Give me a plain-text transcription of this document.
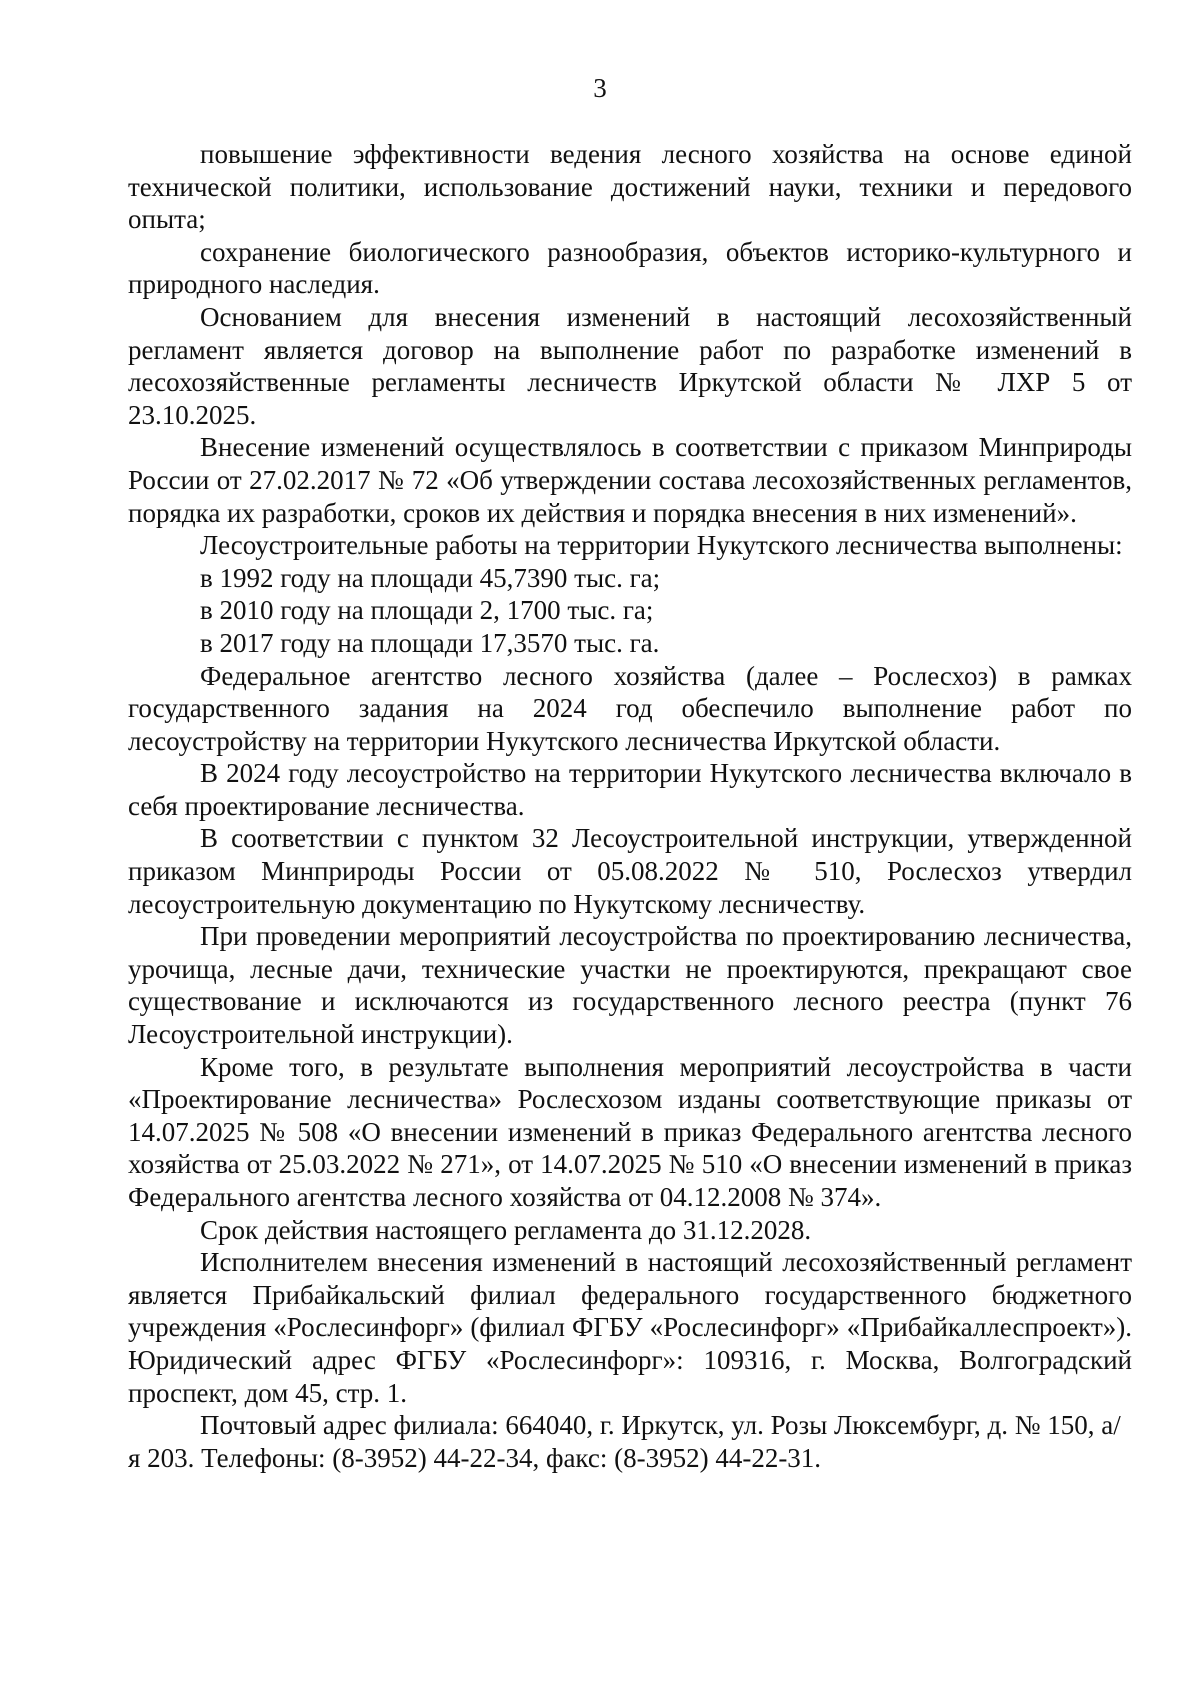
3

повышение эффективности ведения лесного хозяйства на основе единой технической политики, использование достижений науки, техники и передового опыта;

сохранение биологического разнообразия, объектов историко-культурного и природного наследия.

Основанием для внесения изменений в настоящий лесохозяйственный регламент является договор на выполнение работ по разработке изменений в лесохозяйственные регламенты лесничеств Иркутской области № ЛХР 5 от 23.10.2025.

Внесение изменений осуществлялось в соответствии с приказом Минприроды России от 27.02.2017 № 72 «Об утверждении состава лесохозяйственных регламентов, порядка их разработки, сроков их действия и порядка внесения в них изменений».

Лесоустроительные работы на территории Нукутского лесничества выполнены:

в 1992 году на площади 45,7390 тыс. га;

в 2010 году на площади 2, 1700 тыс. га;

в 2017 году на площади 17,3570 тыс. га.

Федеральное агентство лесного хозяйства (далее – Рослесхоз) в рамках государственного задания на 2024 год обеспечило выполнение работ по лесоустройству на территории Нукутского лесничества Иркутской области.

В 2024 году лесоустройство на территории Нукутского лесничества включало в себя проектирование лесничества.

В соответствии с пунктом 32 Лесоустроительной инструкции, утвержденной приказом Минприроды России от 05.08.2022 № 510, Рослесхоз утвердил лесоустроительную документацию по Нукутскому лесничеству.

При проведении мероприятий лесоустройства по проектированию лесничества, урочища, лесные дачи, технические участки не проектируются, прекращают свое существование и исключаются из государственного лесного реестра (пункт 76 Лесоустроительной инструкции).

Кроме того, в результате выполнения мероприятий лесоустройства в части «Проектирование лесничества» Рослесхозом изданы соответствующие приказы от 14.07.2025 № 508 «О внесении изменений в приказ Федерального агентства лесного хозяйства от 25.03.2022 № 271», от 14.07.2025 № 510 «О внесении изменений в приказ Федерального агентства лесного хозяйства от 04.12.2008 № 374».

Срок действия настоящего регламента до 31.12.2028.

Исполнителем внесения изменений в настоящий лесохозяйственный регламент является Прибайкальский филиал федерального государственного бюджетного учреждения «Рослесинфорг» (филиал ФГБУ «Рослесинфорг» «Прибайкаллеспроект»). Юридический адрес ФГБУ «Рослесинфорг»: 109316, г. Москва, Волгоградский проспект, дом 45, стр. 1.

Почтовый адрес филиала: 664040, г. Иркутск, ул. Розы Люксембург, д. № 150, а/я 203. Телефоны: (8-3952) 44-22-34, факс: (8-3952) 44-22-31.
